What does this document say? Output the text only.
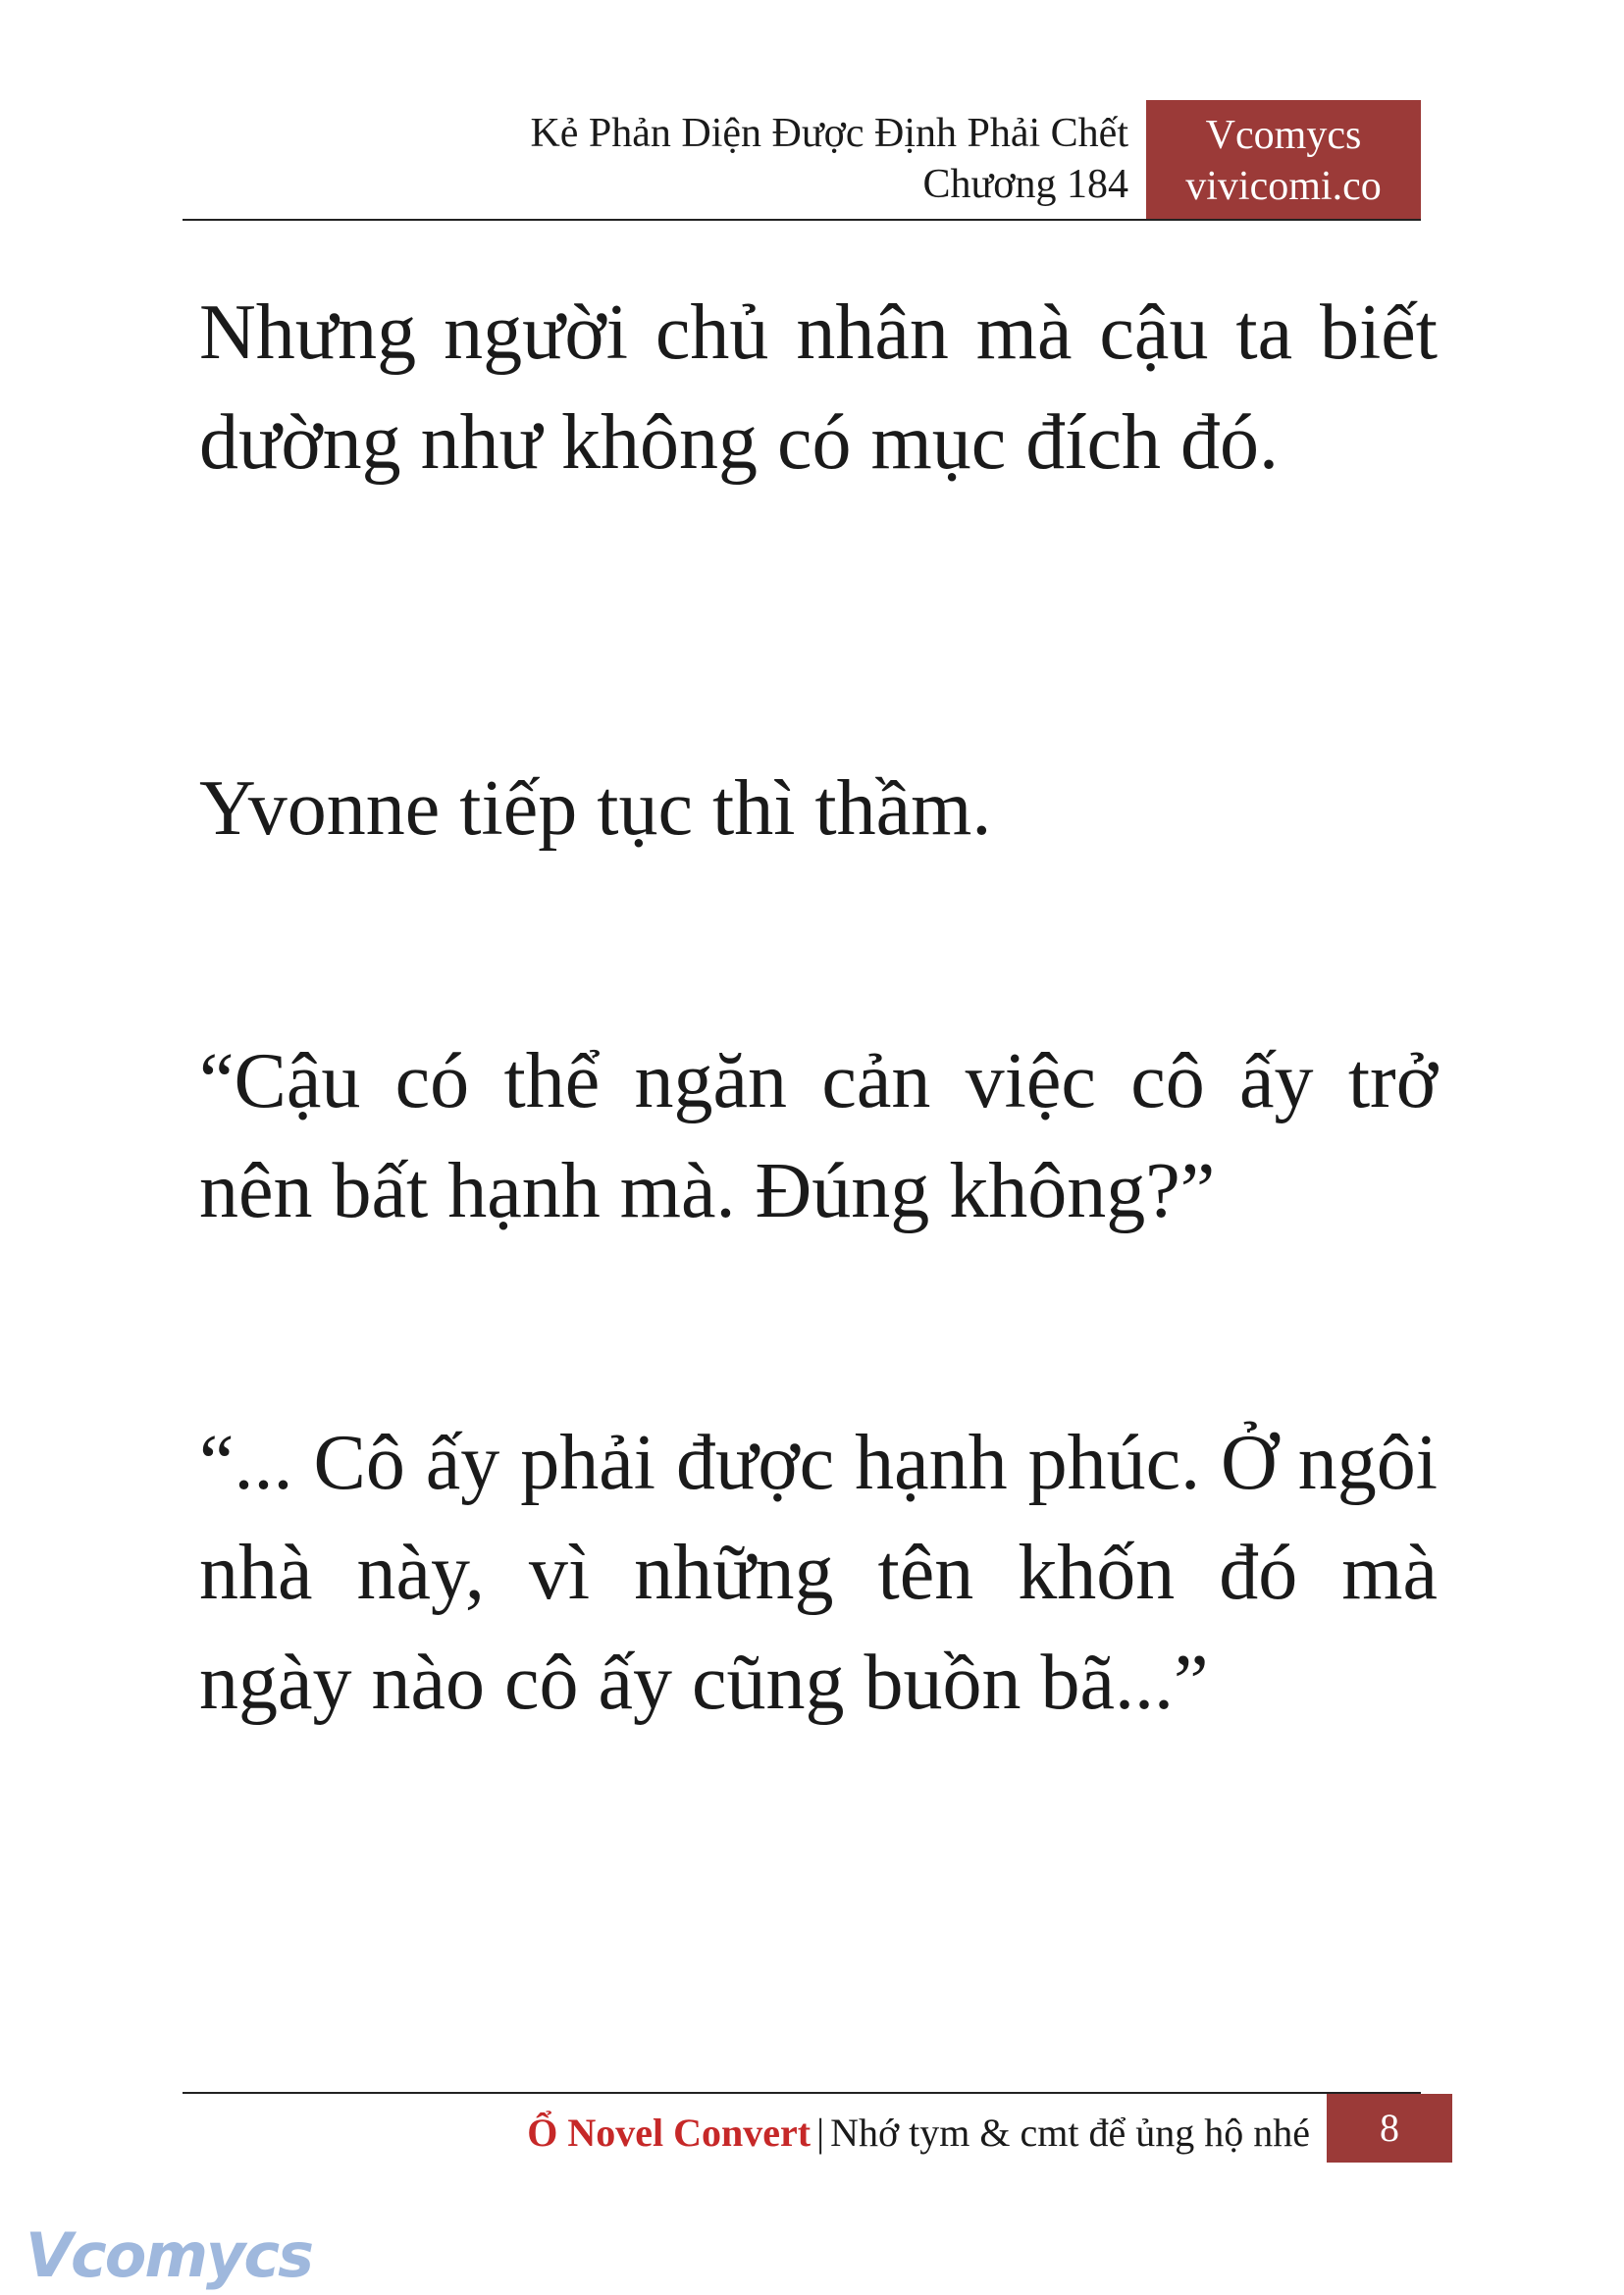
Kẻ Phản Diện Được Định Phải Chết
Chương 184
Vcomycs
vivicomi.co

Nhưng người chủ nhân mà cậu ta biết dường như không có mục đích đó.

Yvonne tiếp tục thì thầm.

“Cậu có thể ngăn cản việc cô ấy trở nên bất hạnh mà. Đúng không?”

“... Cô ấy phải được hạnh phúc. Ở ngôi nhà này, vì những tên khốn đó mà ngày nào cô ấy cũng buồn bã...”

Ổ Novel Convert | Nhớ tym & cmt để ủng hộ nhé	8
Vcomycs
